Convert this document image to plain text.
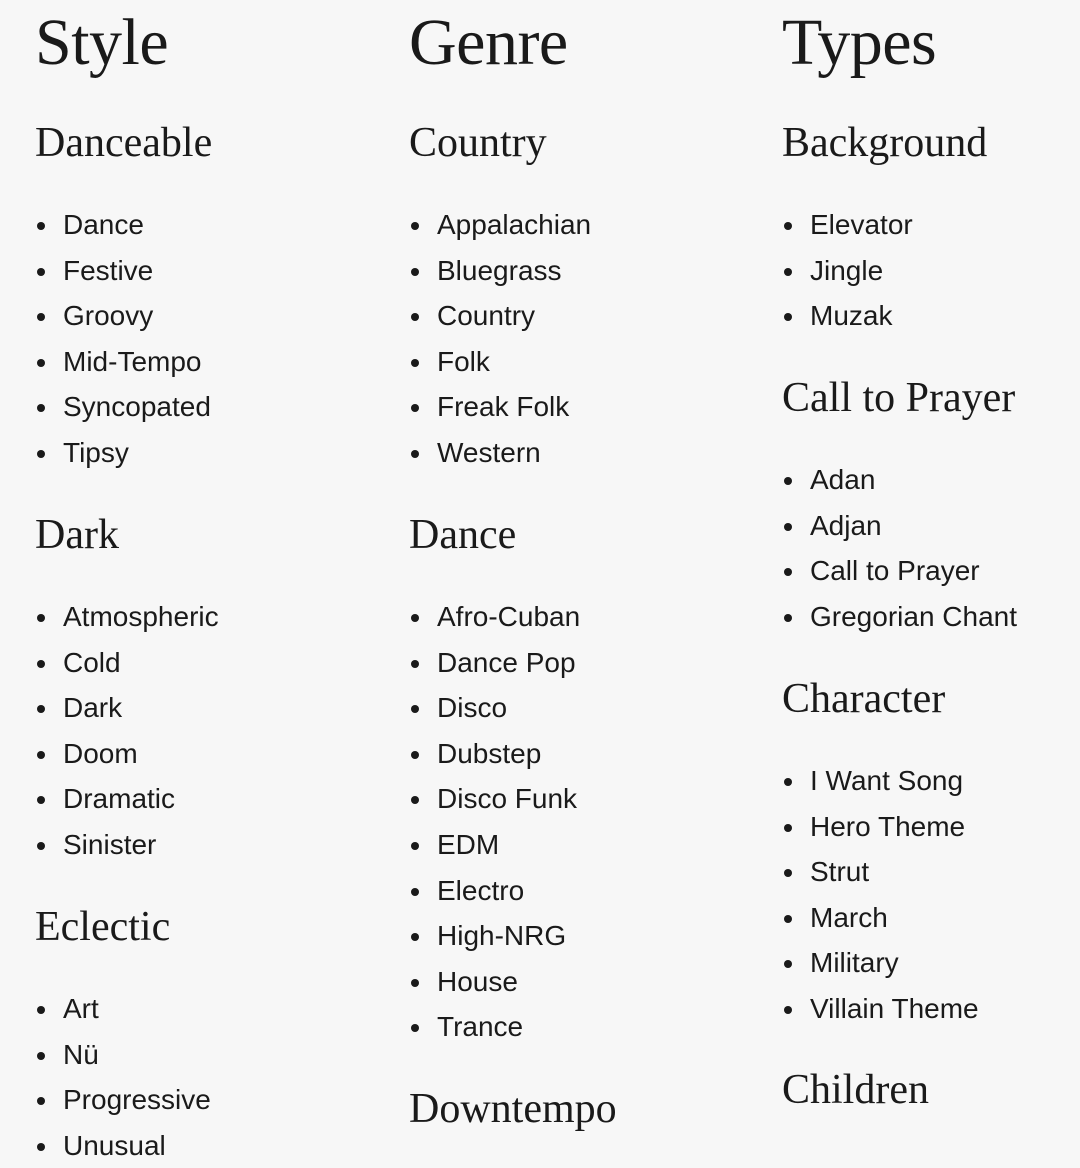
Style
Danceable
Dance
Festive
Groovy
Mid-Tempo
Syncopated
Tipsy
Dark
Atmospheric
Cold
Dark
Doom
Dramatic
Sinister
Eclectic
Art
Nü
Progressive
Unusual
Genre
Country
Appalachian
Bluegrass
Country
Folk
Freak Folk
Western
Dance
Afro-Cuban
Dance Pop
Disco
Dubstep
Disco Funk
EDM
Electro
High-NRG
House
Trance
Downtempo
Types
Background
Elevator
Jingle
Muzak
Call to Prayer
Adan
Adjan
Call to Prayer
Gregorian Chant
Character
I Want Song
Hero Theme
Strut
March
Military
Villain Theme
Children
